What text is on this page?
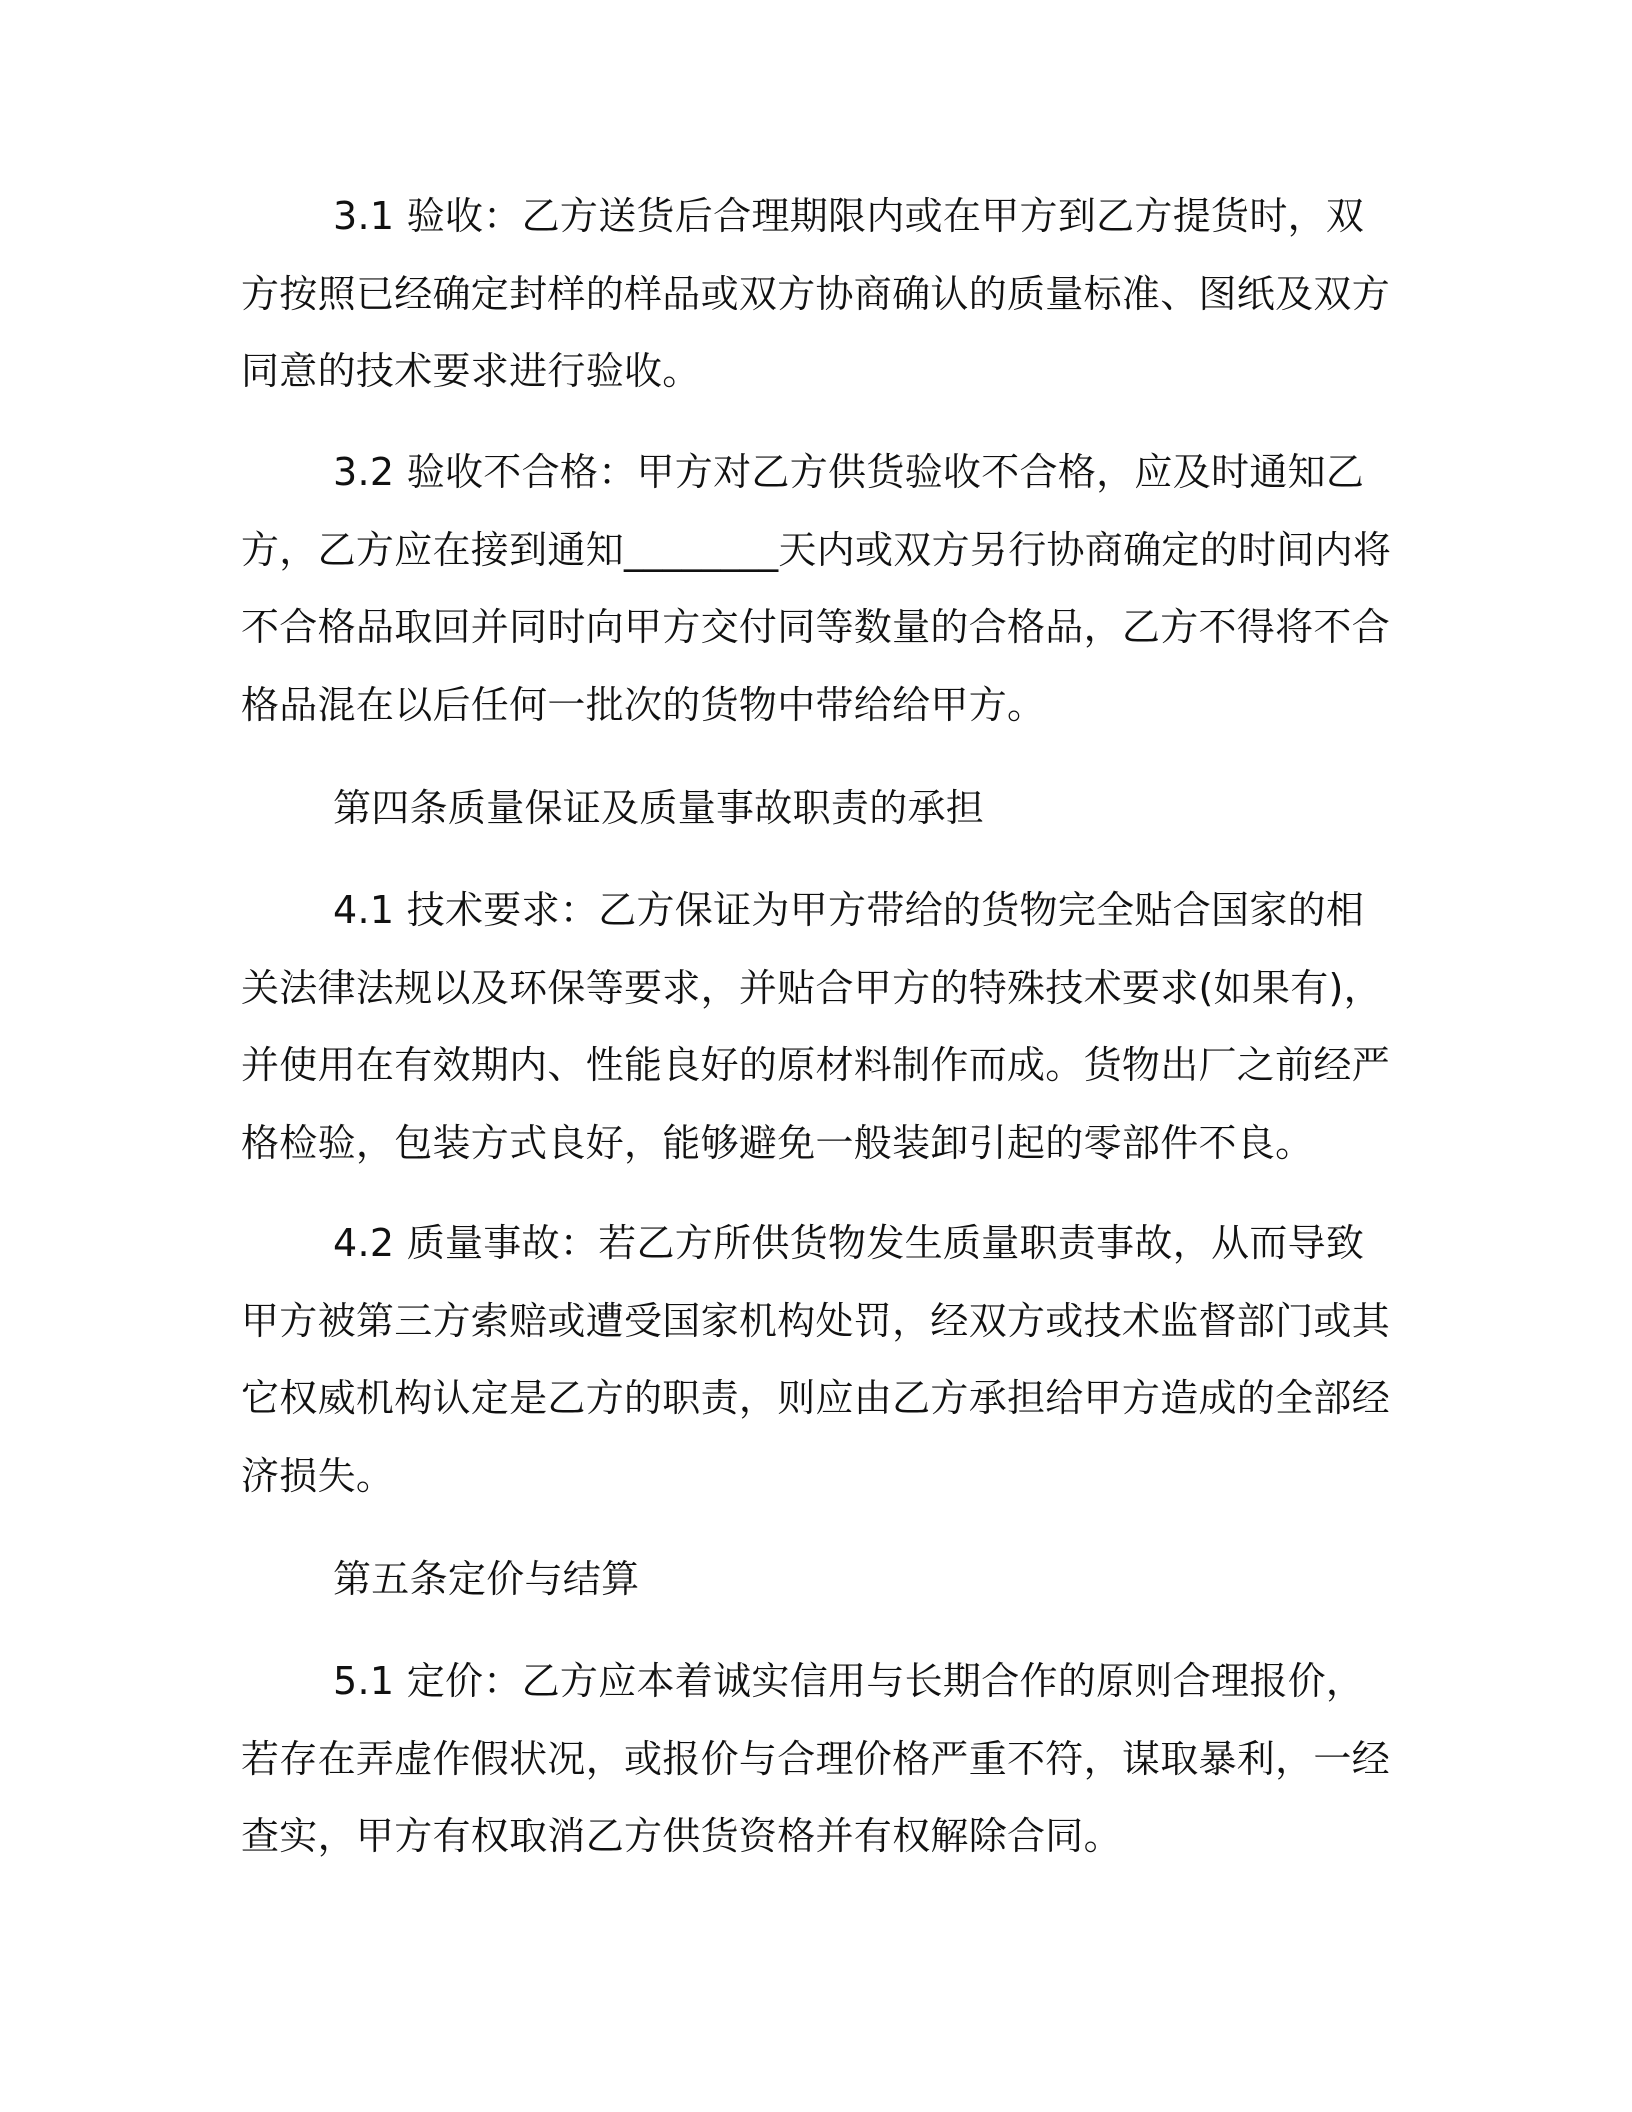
3.1 验收：乙方送货后合理期限内或在甲方到乙方提货时，双方按照已经确定封样的样品或双方协商确认的质量标准、图纸及双方同意的技术要求进行验收。

3.2 验收不合格：甲方对乙方供货验收不合格，应及时通知乙方，乙方应在接到通知________天内或双方另行协商确定的时间内将不合格品取回并同时向甲方交付同等数量的合格品，乙方不得将不合格品混在以后任何一批次的货物中带给给甲方。

第四条质量保证及质量事故职责的承担

4.1 技术要求：乙方保证为甲方带给的货物完全贴合国家的相关法律法规以及环保等要求，并贴合甲方的特殊技术要求(如果有)，并使用在有效期内、性能良好的原材料制作而成。货物出厂之前经严格检验，包装方式良好，能够避免一般装卸引起的零部件不良。

4.2 质量事故：若乙方所供货物发生质量职责事故，从而导致甲方被第三方索赔或遭受国家机构处罚，经双方或技术监督部门或其它权威机构认定是乙方的职责，则应由乙方承担给甲方造成的全部经济损失。

第五条定价与结算

5.1 定价：乙方应本着诚实信用与长期合作的原则合理报价，若存在弄虚作假状况，或报价与合理价格严重不符，谋取暴利，一经查实，甲方有权取消乙方供货资格并有权解除合同。
